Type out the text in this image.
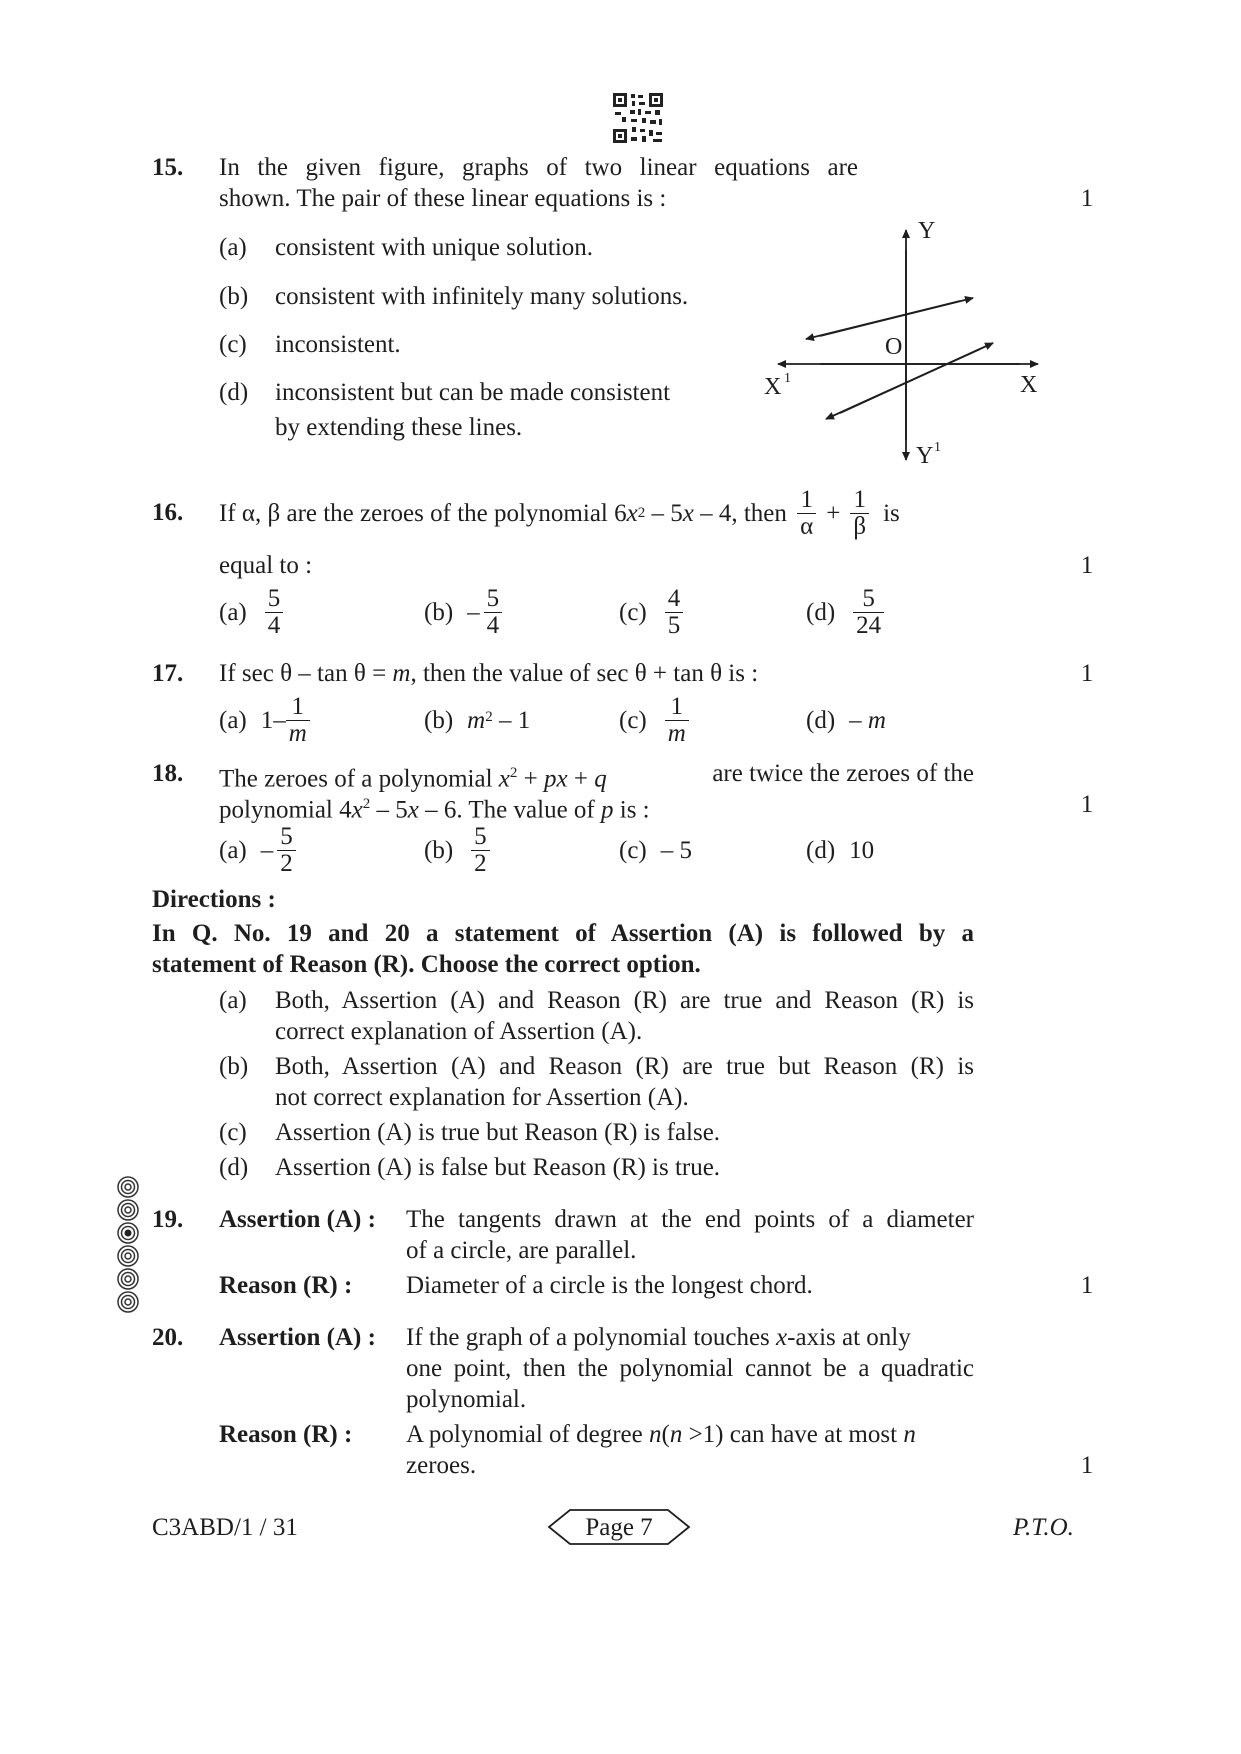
15. In the given figure, graphs of two linear equations are
shown. The pair of these linear equations is :	1
(a) consistent with unique solution.
(b) consistent with infinitely many solutions.
(c) inconsistent.
(d) inconsistent but can be made consistent
by extending these lines.
Y
O
X
X 1
Y 1
16. If α, β are the zeroes of the polynomial 6 x 2 – 5 x – 4, then $\frac{1}{\alpha} + \frac{1}{\beta}$ is
equal to :	1
$(a) \frac{5}{4}$	$(b) - \frac{5}{4}$	$(c) \frac{4}{5}$	$(d) \frac{5}{24}$
17. If sec θ – tan θ = m, then the value of sec θ + tan θ is :	1
(a) $1- \frac{1}{m}$	(b) m 2 – 1	$(c) \frac{1}{m}$	(d) – m
18. The zeroes of a polynomial $x^2$ + px + q	are twice the zeroes of the
polynomial $4x^2 - 5x - 6$. The value of p is :	1
$(a) - \frac{5}{2}$	$(b) \frac{5}{2}$	(c) – 5	(d) 10
Directions :
In Q. No. 19 and 20 a statement of Assertion (A) is followed by a
statement of Reason (R). Choose the correct option.
(a) Both, Assertion (A) and Reason (R) are true and Reason (R) is
correct explanation of Assertion (A).
(b) Both, Assertion (A) and Reason (R) are true but Reason (R) is
not correct explanation for Assertion (A).
(c) Assertion (A) is true but Reason (R) is false.
(d) Assertion (A) is false but Reason (R) is true.
19. Assertion (A) : The tangents drawn at the end points of a diameter
of a circle, are parallel.
Reason (R) : Diameter of a circle is the longest chord.	1
20. Assertion (A) : If the graph of a polynomial touches x-axis at only
one point, then the polynomial cannot be a quadratic
polynomial.
Reason (R) : A polynomial of degree n(n >1) can have at most n
zeroes.	1
C3ABD/1 / 31	Page 7	P.T.O.
